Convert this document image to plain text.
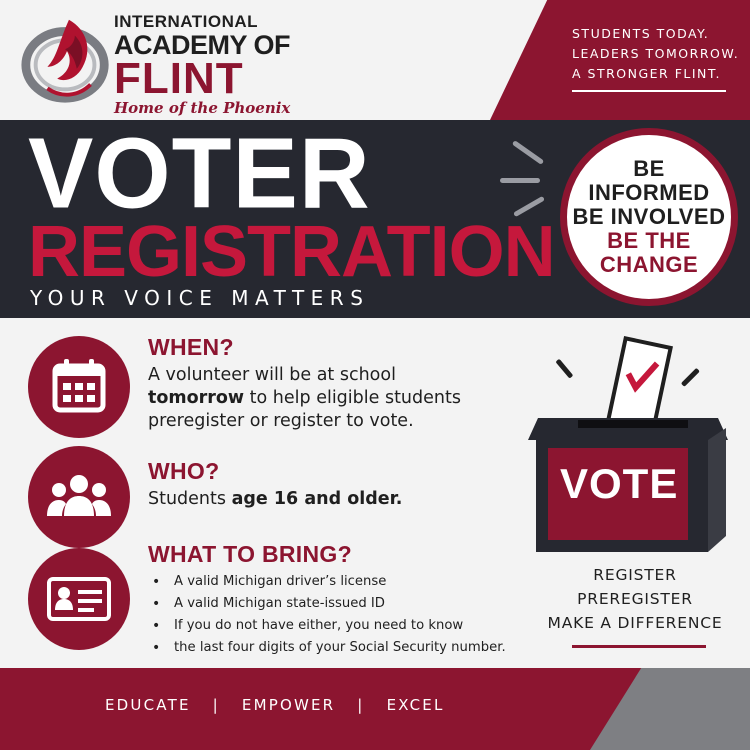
INTERNATIONAL
ACADEMY OF
FLINT
Home of the Phoenix
STUDENTS TODAY.
LEADERS TOMORROW.
A STRONGER FLINT.
VOTER
REGISTRATION
YOUR VOICE MATTERS
BE
INFORMED
BE INVOLVED
BE THE
CHANGE
WHEN?
A volunteer will be at school
tomorrow to help eligible students preregister or register to vote.
WHO?
Students age 16 and older.
WHAT TO BRING?
• A valid Michigan driver’s license
• A valid Michigan state-issued ID
• If you do not have either, you need to know
• the last four digits of your Social Security number.
VOTE
REGISTER
PREREGISTER
MAKE A DIFFERENCE
EDUCATE | EMPOWER | EXCEL
